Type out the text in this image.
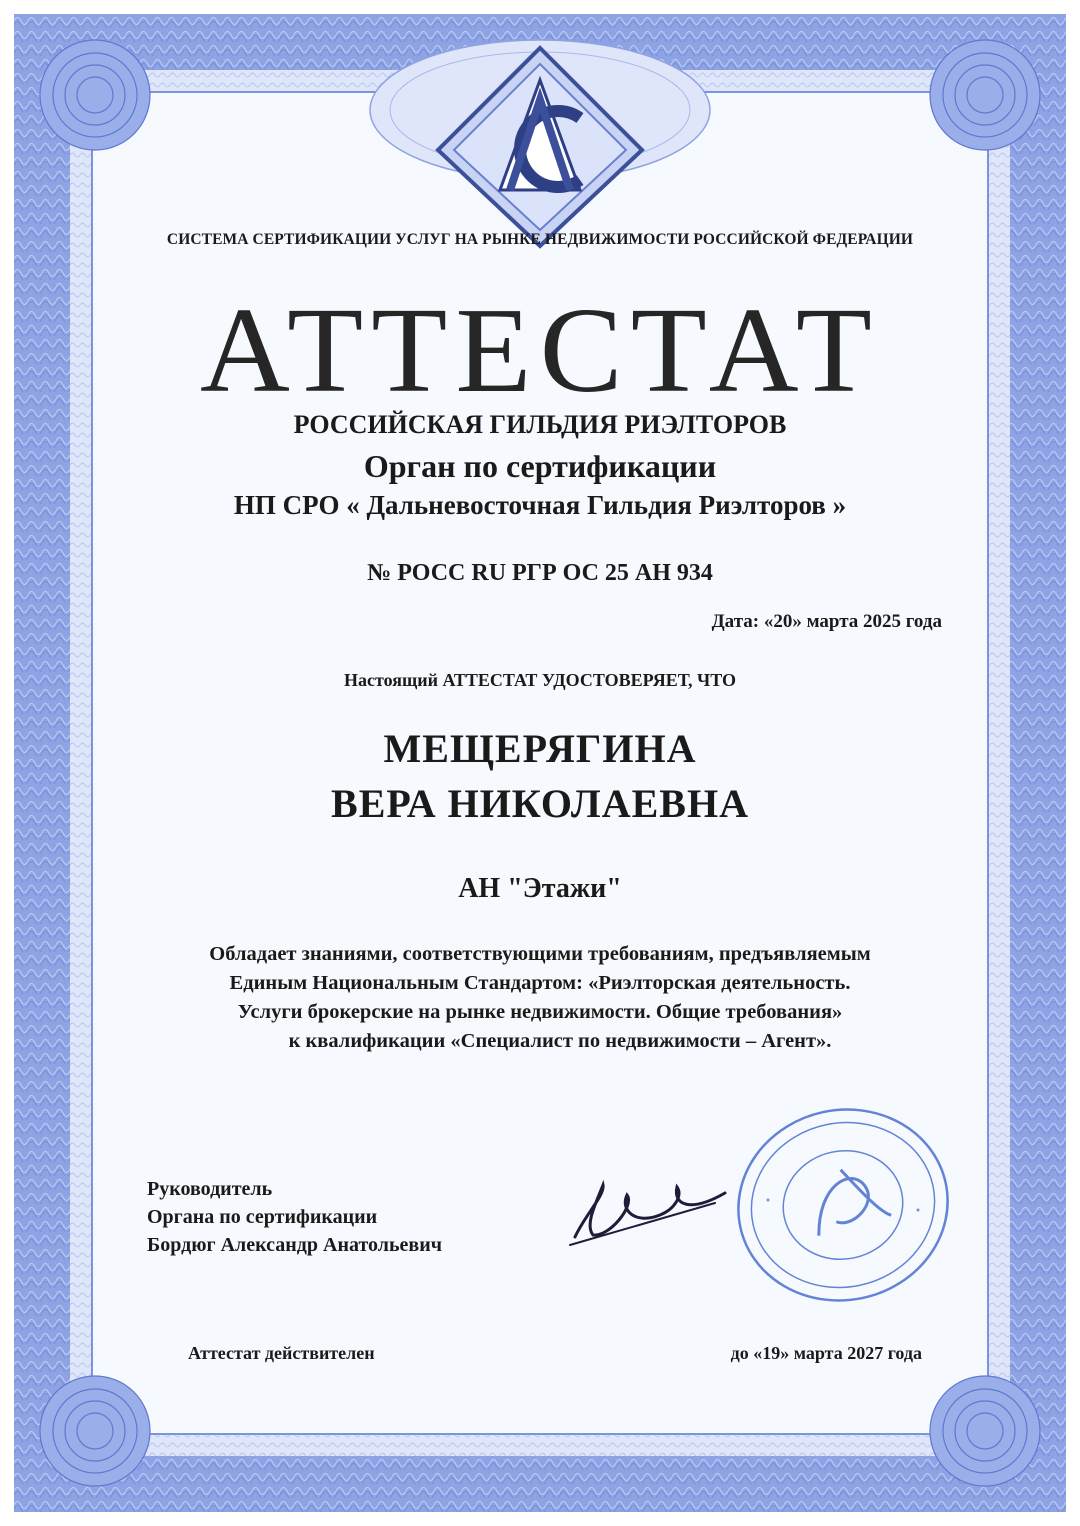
СИСТЕМА СЕРТИФИКАЦИИ УСЛУГ НА РЫНКЕ НЕДВИЖИМОСТИ РОССИЙСКОЙ ФЕДЕРАЦИИ
АТТЕСТАТ
РОССИЙСКАЯ ГИЛЬДИЯ РИЭЛТОРОВ
Орган по сертификации
НП СРО « Дальневосточная Гильдия Риэлторов »
№ РОСС RU РГР ОС 25 АН 934
Дата: «20» марта 2025 года
Настоящий АТТЕСТАТ УДОСТОВЕРЯЕТ, ЧТО
МЕЩЕРЯГИНА
ВЕРА НИКОЛАЕВНА
АН "Этажи"
Обладает знаниями, соответствующими требованиям, предъявляемым
Единым Национальным Стандартом: «Риэлторская деятельность.
Услуги брокерские на рынке недвижимости. Общие требования»
к квалификации «Специалист по недвижимости – Агент».
Руководитель
Органа по сертификации
Бордюг Александр Анатольевич
Аттестат действителен	до «19» марта 2027 года
